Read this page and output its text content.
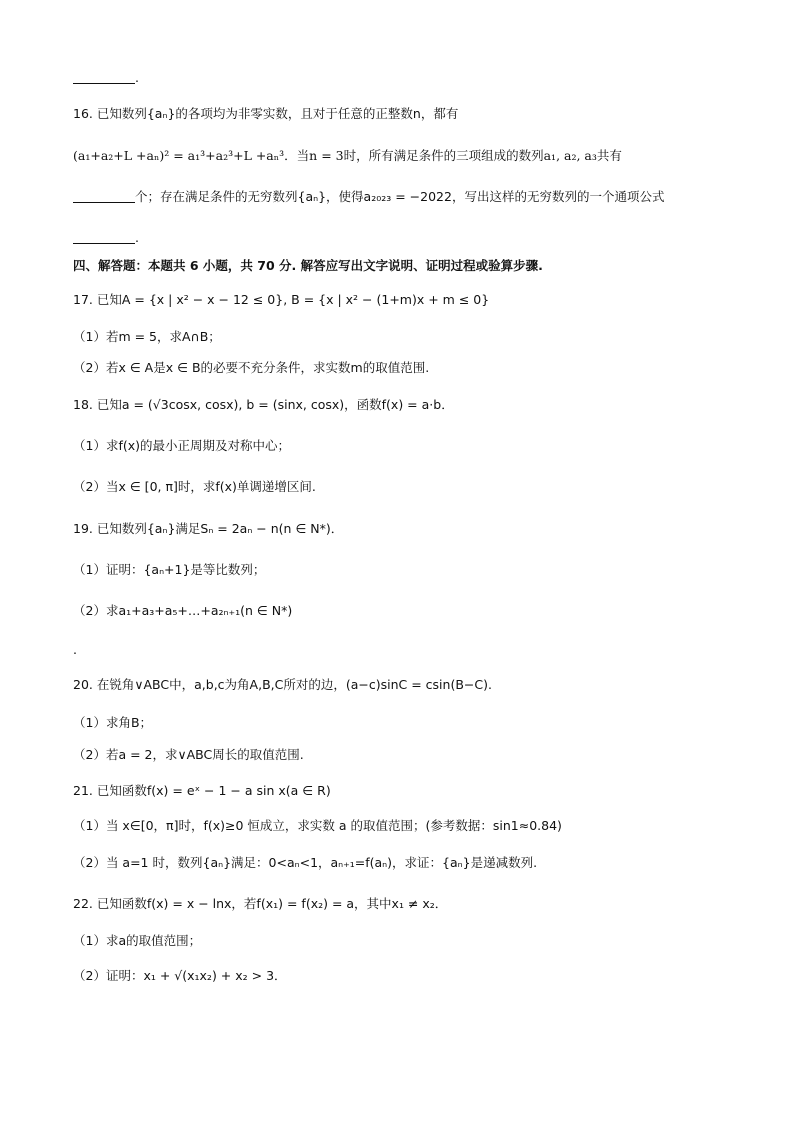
.
16. 已知数列{aₙ}的各项均为非零实数，且对于任意的正整数n，都有
(a₁+a₂+L +aₙ)² = a₁³+a₂³+L +aₙ³．当n = 3时，所有满足条件的三项组成的数列a₁, a₂, a₃共有
个；存在满足条件的无穷数列{aₙ}，使得a₂₀₂₃ = −2022，写出这样的无穷数列的一个通项公式
.
四、解答题：本题共 6 小题，共 70 分. 解答应写出文字说明、证明过程或验算步骤.
17. 已知A = {x | x² − x − 12 ≤ 0}, B = {x | x² − (1+m)x + m ≤ 0}
（1）若m = 5，求A∩B；
（2）若x ∈ A是x ∈ B的必要不充分条件，求实数m的取值范围.
18. 已知a = (√3cosx, cosx), b = (sinx, cosx)，函数f(x) = a·b．
（1）求f(x)的最小正周期及对称中心；
（2）当x ∈ [0, π]时，求f(x)单调递增区间.
19. 已知数列{aₙ}满足Sₙ = 2aₙ − n(n ∈ N*)．
（1）证明：{aₙ+1}是等比数列；
（2）求a₁+a₃+a₅+…+a₂ₙ₊₁(n ∈ N*)
.
20. 在锐角∨ABC中，a,b,c为角A,B,C所对的边，(a−c)sinC = csin(B−C).
（1）求角B；
（2）若a = 2，求∨ABC周长的取值范围.
21. 已知函数f(x) = eˣ − 1 − a sin x(a ∈ R)
（1）当 x∈[0，π]时，f(x)≥0 恒成立，求实数 a 的取值范围；(参考数据：sin1≈0.84)
（2）当 a=1 时，数列{aₙ}满足：0<aₙ<1，aₙ₊₁=f(aₙ)，求证：{aₙ}是递减数列.
22. 已知函数f(x) = x − lnx，若f(x₁) = f(x₂) = a，其中x₁ ≠ x₂．
（1）求a的取值范围；
（2）证明：x₁ + √(x₁x₂) + x₂ > 3．
